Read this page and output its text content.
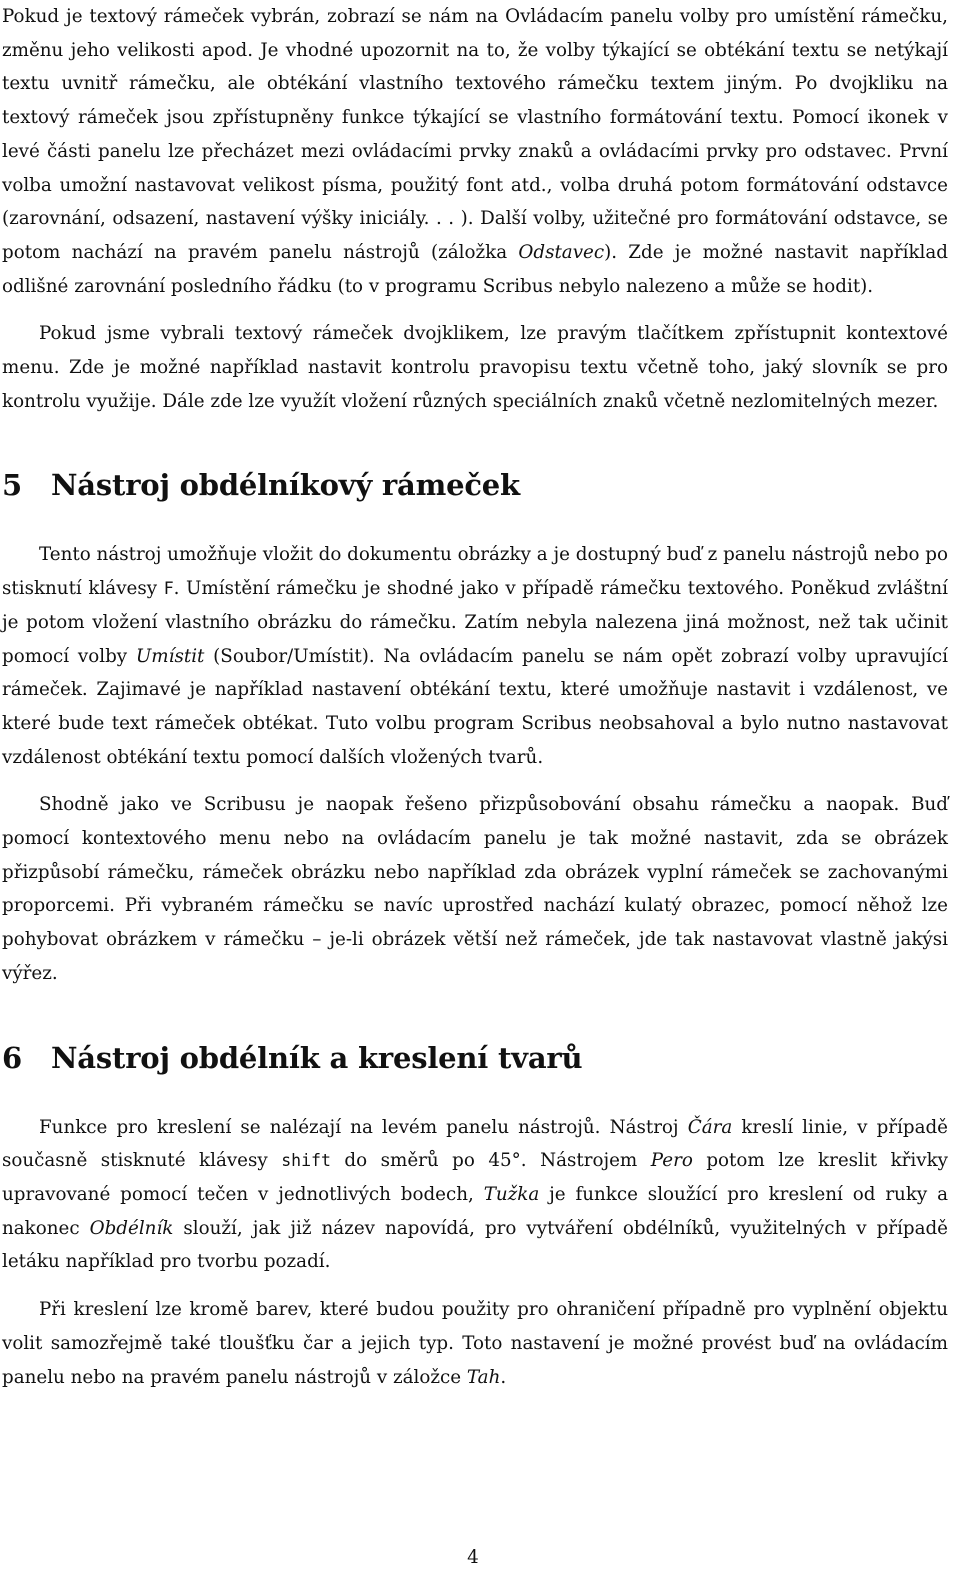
Pokud je textový rámeček vybrán, zobrazí se nám na Ovládacím panelu volby pro umístění rámečku, změnu jeho velikosti apod. Je vhodné upozornit na to, že volby týkající se obtékání textu se netýkají textu uvnitř rámečku, ale obtékání vlastního textového rámečku textem jiným. Po dvojkliku na textový rámeček jsou zpřístupněny funkce týkající se vlastního formátování textu. Pomocí ikonek v levé části panelu lze přecházet mezi ovládacími prvky znaků a ovládacími prvky pro odstavec. První volba umožní nastavovat velikost písma, použitý font atd., volba druhá potom formátování odstavce (zarovnání, odsazení, nastavení výšky iniciály. . . ). Další volby, užitečné pro formátování odstavce, se potom nachází na pravém panelu nástrojů (záložka Odstavec). Zde je možné nastavit například odlišné zarovnání posledního řádku (to v programu Scribus nebylo nalezeno a může se hodit).

Pokud jsme vybrali textový rámeček dvojklikem, lze pravým tlačítkem zpřístupnit kontextové menu. Zde je možné například nastavit kontrolu pravopisu textu včetně toho, jaký slovník se pro kontrolu využije. Dále zde lze využít vložení různých speciálních znaků včetně nezlomitelných mezer.

5 Nástroj obdélníkový rámeček

Tento nástroj umožňuje vložit do dokumentu obrázky a je dostupný buď z panelu nástrojů nebo po stisknutí klávesy F. Umístění rámečku je shodné jako v případě rámečku textového. Poněkud zvláštní je potom vložení vlastního obrázku do rámečku. Zatím nebyla nalezena jiná možnost, než tak učinit pomocí volby Umístit (Soubor/Umístit). Na ovládacím panelu se nám opět zobrazí volby upravující rámeček. Zajimavé je například nastavení obtékání textu, které umožňuje nastavit i vzdálenost, ve které bude text rámeček obtékat. Tuto volbu program Scribus neobsahoval a bylo nutno nastavovat vzdálenost obtékání textu pomocí dalších vložených tvarů.

Shodně jako ve Scribusu je naopak řešeno přizpůsobování obsahu rámečku a naopak. Buď pomocí kontextového menu nebo na ovládacím panelu je tak možné nastavit, zda se obrázek přizpůsobí rámečku, rámeček obrázku nebo například zda obrázek vyplní rámeček se zachovanými proporcemi. Při vybraném rámečku se navíc uprostřed nachází kulatý obrazec, pomocí něhož lze pohybovat obrázkem v rámečku – je-li obrázek větší než rámeček, jde tak nastavovat vlastně jakýsi výřez.

6 Nástroj obdélník a kreslení tvarů

Funkce pro kreslení se nalézají na levém panelu nástrojů. Nástroj Čára kreslí linie, v případě současně stisknuté klávesy shift do směrů po 45°. Nástrojem Pero potom lze kreslit křivky upravované pomocí tečen v jednotlivých bodech, Tužka je funkce sloužící pro kreslení od ruky a nakonec Obdélník slouží, jak již název napovídá, pro vytváření obdélníků, využitelných v případě letáku například pro tvorbu pozadí.

Při kreslení lze kromě barev, které budou použity pro ohraničení případně pro vyplnění objektu volit samozřejmě také tloušťku čar a jejich typ. Toto nastavení je možné provést buď na ovládacím panelu nebo na pravém panelu nástrojů v záložce Tah.

4
